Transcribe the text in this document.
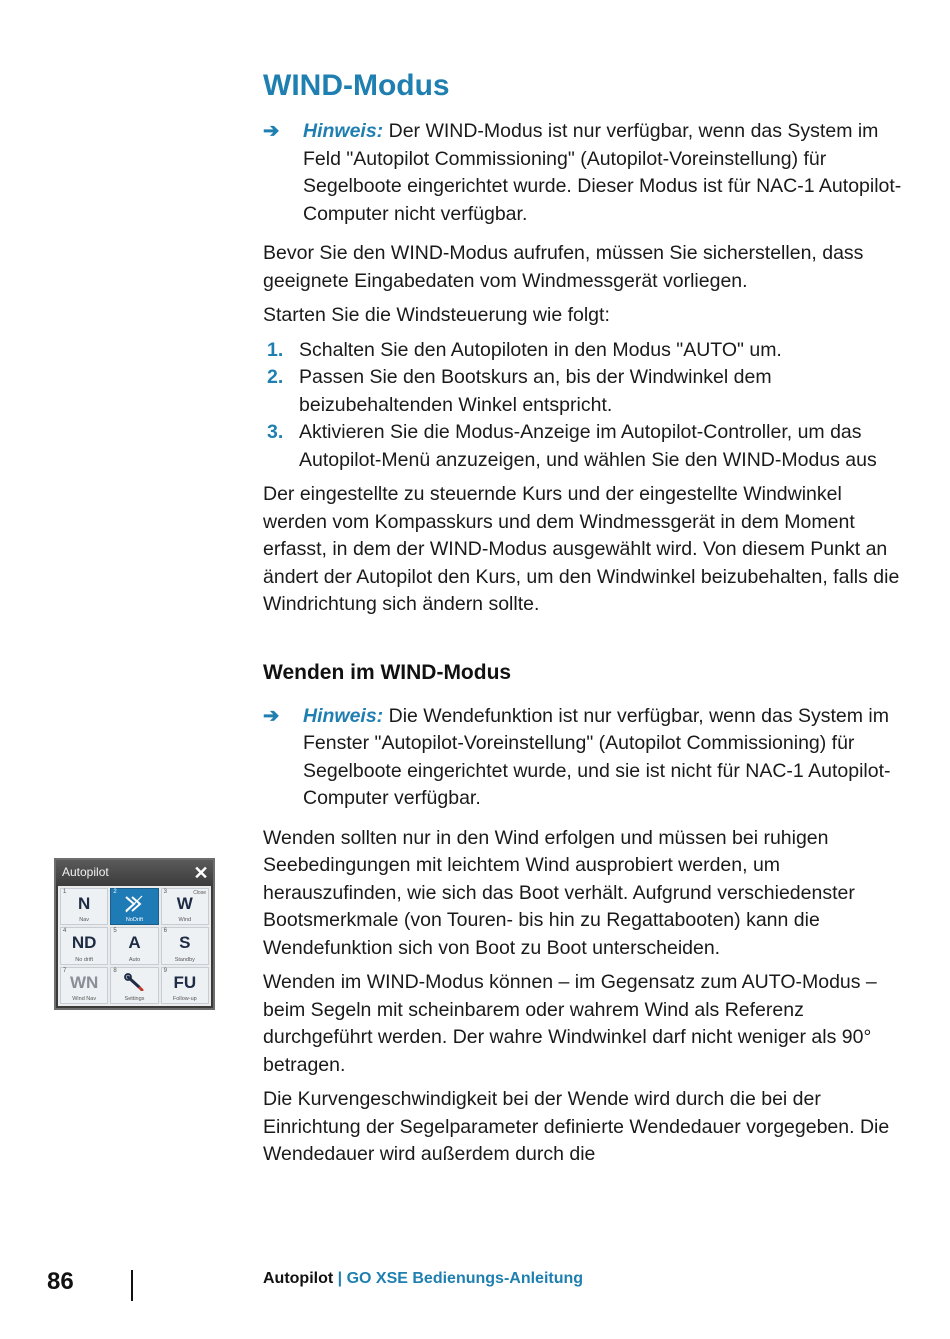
WIND-Modus
➔ Hinweis: Der WIND-Modus ist nur verfügbar, wenn das System im Feld "Autopilot Commissioning" (Autopilot-Voreinstellung) für Segelboote eingerichtet wurde. Dieser Modus ist für NAC-1 Autopilot-Computer nicht verfügbar.

Bevor Sie den WIND-Modus aufrufen, müssen Sie sicherstellen, dass geeignete Eingabedaten vom Windmessgerät vorliegen.

Starten Sie die Windsteuerung wie folgt:

1. Schalten Sie den Autopiloten in den Modus "AUTO" um.
2. Passen Sie den Bootskurs an, bis der Windwinkel dem beizubehaltenden Winkel entspricht.
3. Aktivieren Sie die Modus-Anzeige im Autopilot-Controller, um das Autopilot-Menü anzuzeigen, und wählen Sie den WIND-Modus aus

Der eingestellte zu steuernde Kurs und der eingestellte Windwinkel werden vom Kompasskurs und dem Windmessgerät in dem Moment erfasst, in dem der WIND-Modus ausgewählt wird. Von diesem Punkt an ändert der Autopilot den Kurs, um den Windwinkel beizubehalten, falls die Windrichtung sich ändern sollte.

Wenden im WIND-Modus
➔ Hinweis: Die Wendefunktion ist nur verfügbar, wenn das System im Fenster "Autopilot-Voreinstellung" (Autopilot Commissioning) für Segelboote eingerichtet wurde, und sie ist nicht für NAC-1 Autopilot-Computer verfügbar.

Wenden sollten nur in den Wind erfolgen und müssen bei ruhigen Seebedingungen mit leichtem Wind ausprobiert werden, um herauszufinden, wie sich das Boot verhält. Aufgrund verschiedenster Bootsmerkmale (von Touren- bis hin zu Regattabooten) kann die Wendefunktion sich von Boot zu Boot unterscheiden.

Wenden im WIND-Modus können – im Gegensatz zum AUTO-Modus – beim Segeln mit scheinbarem oder wahrem Wind als Referenz durchgeführt werden. Der wahre Windwinkel darf nicht weniger als 90° betragen.

Die Kurvengeschwindigkeit bei der Wende wird durch die bei der Einrichtung der Segelparameter definierte Wendedauer vorgegeben. Die Wendedauer wird außerdem durch die

Autopilot	✕
1
N
Nav
2
NoDrift
Close
3
W
Wind
4
ND
No drift
5
A
Auto
6
S
Standby
7
WN
Wind Nav
8
Settings
9
FU
Follow-up
86	Autopilot | GO XSE Bedienungs-Anleitung
